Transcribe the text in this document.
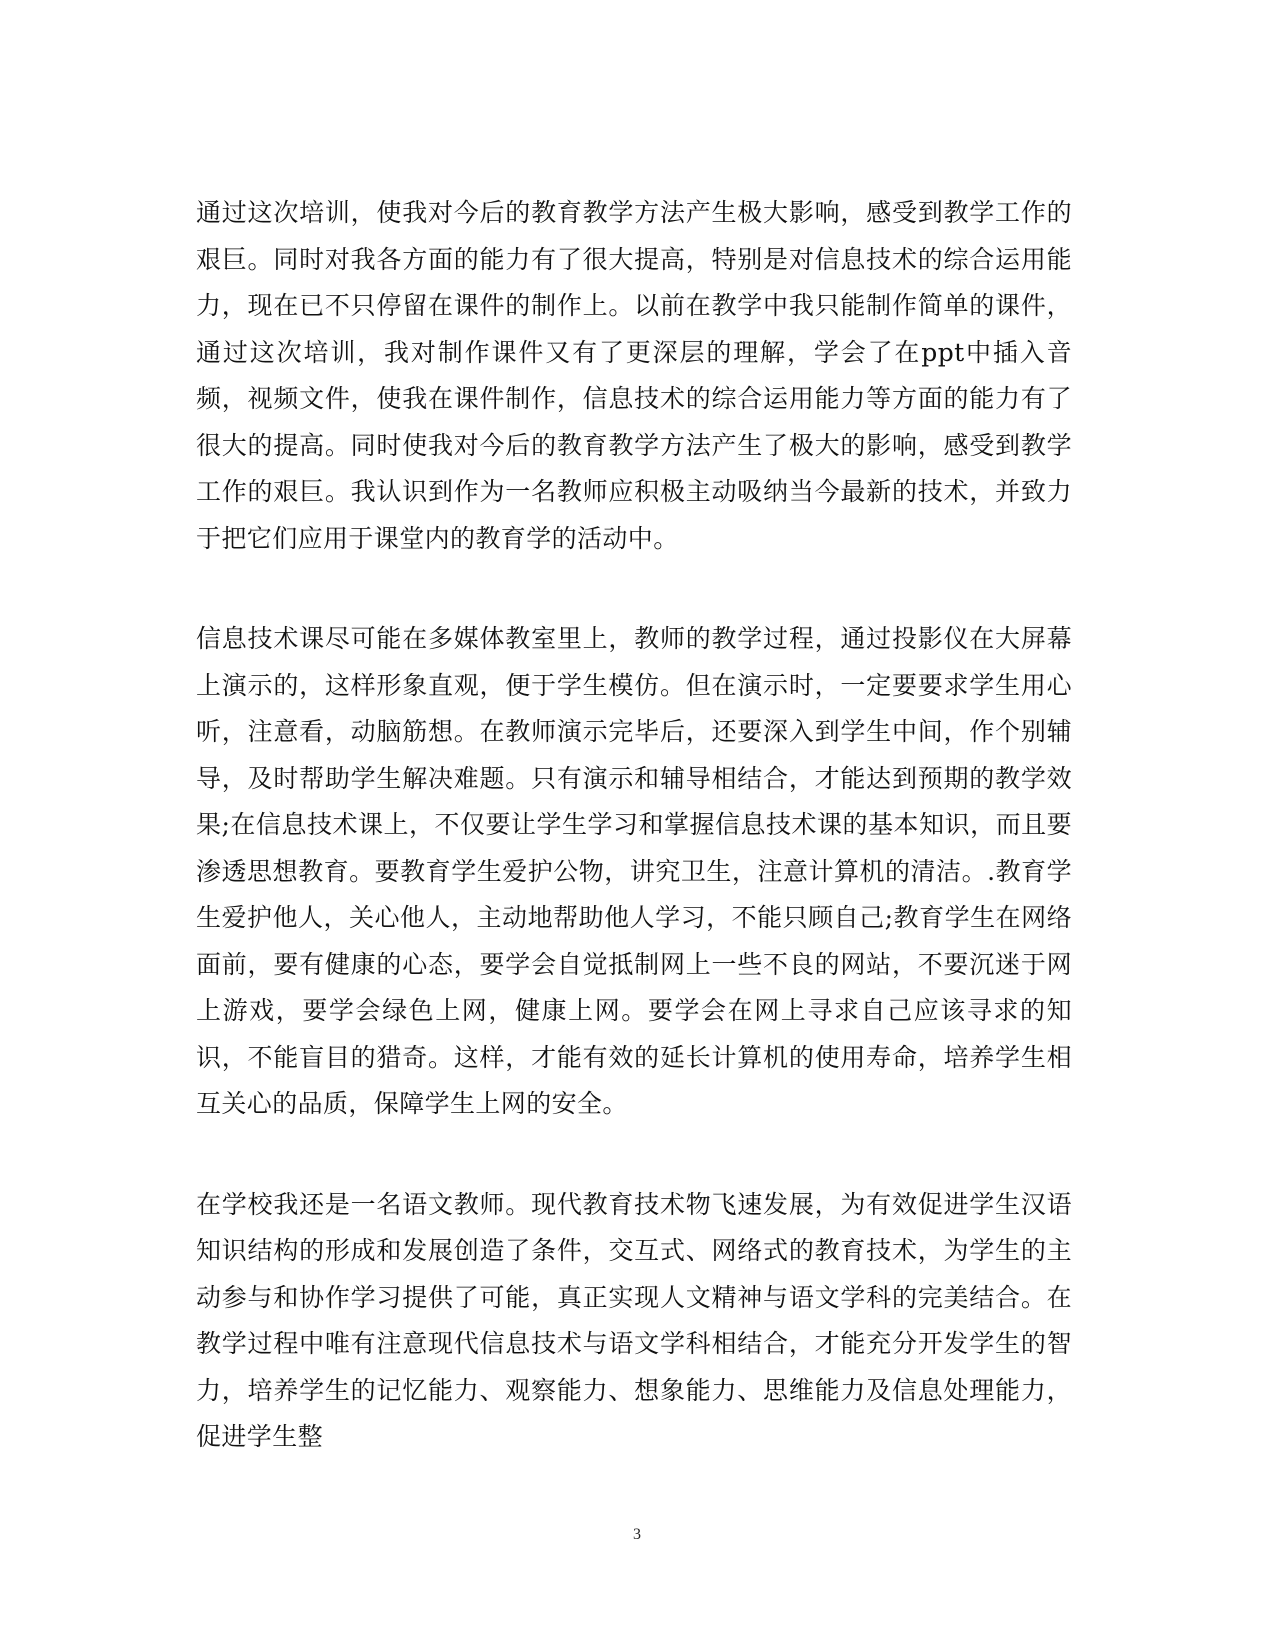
通过这次培训，使我对今后的教育教学方法产生极大影响，感受到教学工作的艰巨。同时对我各方面的能力有了很大提高，特别是对信息技术的综合运用能力，现在已不只停留在课件的制作上。以前在教学中我只能制作简单的课件，通过这次培训，我对制作课件又有了更深层的理解，学会了在ppt中插入音频，视频文件，使我在课件制作，信息技术的综合运用能力等方面的能力有了很大的提高。同时使我对今后的教育教学方法产生了极大的影响，感受到教学工作的艰巨。我认识到作为一名教师应积极主动吸纳当今最新的技术，并致力于把它们应用于课堂内的教育学的活动中。

信息技术课尽可能在多媒体教室里上，教师的教学过程，通过投影仪在大屏幕上演示的，这样形象直观，便于学生模仿。但在演示时，一定要要求学生用心听，注意看，动脑筋想。在教师演示完毕后，还要深入到学生中间，作个别辅导，及时帮助学生解决难题。只有演示和辅导相结合，才能达到预期的教学效果;在信息技术课上，不仅要让学生学习和掌握信息技术课的基本知识，而且要渗透思想教育。要教育学生爱护公物，讲究卫生，注意计算机的清洁。.教育学生爱护他人，关心他人，主动地帮助他人学习，不能只顾自己;教育学生在网络面前，要有健康的心态，要学会自觉抵制网上一些不良的网站，不要沉迷于网上游戏，要学会绿色上网，健康上网。要学会在网上寻求自己应该寻求的知识，不能盲目的猎奇。这样，才能有效的延长计算机的使用寿命，培养学生相互关心的品质，保障学生上网的安全。

在学校我还是一名语文教师。现代教育技术物飞速发展，为有效促进学生汉语知识结构的形成和发展创造了条件，交互式、网络式的教育技术，为学生的主动参与和协作学习提供了可能，真正实现人文精神与语文学科的完美结合。在教学过程中唯有注意现代信息技术与语文学科相结合，才能充分开发学生的智力，培养学生的记忆能力、观察能力、想象能力、思维能力及信息处理能力，促进学生整

3
